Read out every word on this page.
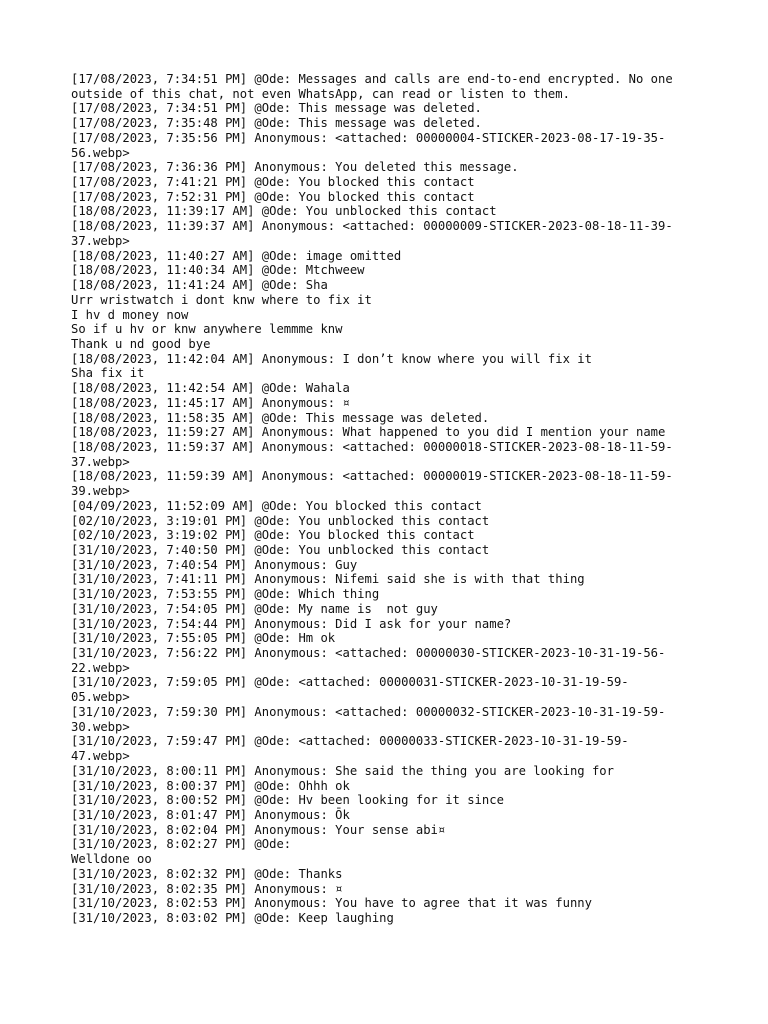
[17/08/2023, 7:34:51 PM] @Ode: Messages and calls are end-to-end encrypted. No one
outside of this chat, not even WhatsApp, can read or listen to them.
[17/08/2023, 7:34:51 PM] @Ode: This message was deleted.
[17/08/2023, 7:35:48 PM] @Ode: This message was deleted.
[17/08/2023, 7:35:56 PM] Anonymous: <attached: 00000004-STICKER-2023-08-17-19-35-
56.webp>
[17/08/2023, 7:36:36 PM] Anonymous: You deleted this message.
[17/08/2023, 7:41:21 PM] @Ode: You blocked this contact
[17/08/2023, 7:52:31 PM] @Ode: You blocked this contact
[18/08/2023, 11:39:17 AM] @Ode: You unblocked this contact
[18/08/2023, 11:39:37 AM] Anonymous: <attached: 00000009-STICKER-2023-08-18-11-39-
37.webp>
[18/08/2023, 11:40:27 AM] @Ode: image omitted
[18/08/2023, 11:40:34 AM] @Ode: Mtchweew
[18/08/2023, 11:41:24 AM] @Ode: Sha
Urr wristwatch i dont knw where to fix it
I hv d money now
So if u hv or knw anywhere lemmme knw
Thank u nd good bye
[18/08/2023, 11:42:04 AM] Anonymous: I don’t know where you will fix it
Sha fix it
[18/08/2023, 11:42:54 AM] @Ode: Wahala
[18/08/2023, 11:45:17 AM] Anonymous: ¤
[18/08/2023, 11:58:35 AM] @Ode: This message was deleted.
[18/08/2023, 11:59:27 AM] Anonymous: What happened to you did I mention your name
[18/08/2023, 11:59:37 AM] Anonymous: <attached: 00000018-STICKER-2023-08-18-11-59-
37.webp>
[18/08/2023, 11:59:39 AM] Anonymous: <attached: 00000019-STICKER-2023-08-18-11-59-
39.webp>
[04/09/2023, 11:52:09 AM] @Ode: You blocked this contact
[02/10/2023, 3:19:01 PM] @Ode: You unblocked this contact
[02/10/2023, 3:19:02 PM] @Ode: You blocked this contact
[31/10/2023, 7:40:50 PM] @Ode: You unblocked this contact
[31/10/2023, 7:40:54 PM] Anonymous: Guy
[31/10/2023, 7:41:11 PM] Anonymous: Nifemi said she is with that thing
[31/10/2023, 7:53:55 PM] @Ode: Which thing
[31/10/2023, 7:54:05 PM] @Ode: My name is  not guy
[31/10/2023, 7:54:44 PM] Anonymous: Did I ask for your name?
[31/10/2023, 7:55:05 PM] @Ode: Hm ok
[31/10/2023, 7:56:22 PM] Anonymous: <attached: 00000030-STICKER-2023-10-31-19-56-
22.webp>
[31/10/2023, 7:59:05 PM] @Ode: <attached: 00000031-STICKER-2023-10-31-19-59-
05.webp>
[31/10/2023, 7:59:30 PM] Anonymous: <attached: 00000032-STICKER-2023-10-31-19-59-
30.webp>
[31/10/2023, 7:59:47 PM] @Ode: <attached: 00000033-STICKER-2023-10-31-19-59-
47.webp>
[31/10/2023, 8:00:11 PM] Anonymous: She said the thing you are looking for
[31/10/2023, 8:00:37 PM] @Ode: Ohhh ok
[31/10/2023, 8:00:52 PM] @Ode: Hv been looking for it since
[31/10/2023, 8:01:47 PM] Anonymous: Ōk
[31/10/2023, 8:02:04 PM] Anonymous: Your sense abi¤
[31/10/2023, 8:02:27 PM] @Ode:
Welldone oo
[31/10/2023, 8:02:32 PM] @Ode: Thanks
[31/10/2023, 8:02:35 PM] Anonymous: ¤
[31/10/2023, 8:02:53 PM] Anonymous: You have to agree that it was funny
[31/10/2023, 8:03:02 PM] @Ode: Keep laughing
